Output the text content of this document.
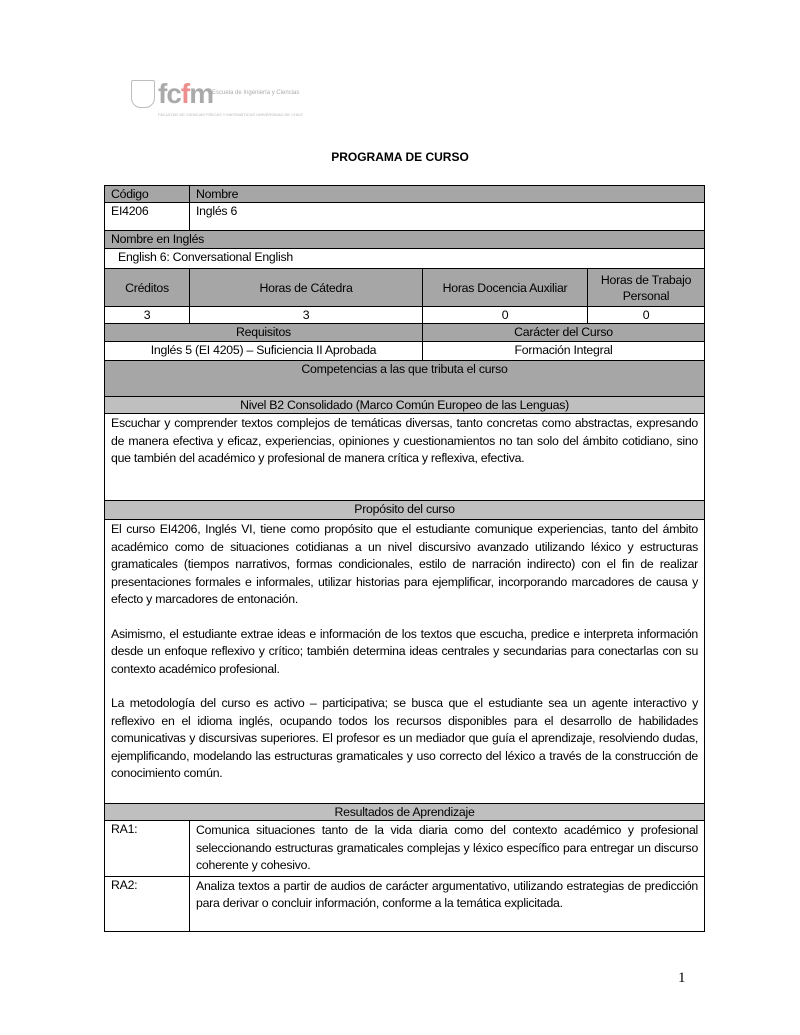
fcfm
Escuela de Ingeniería y Ciencias
FACULTAD DE CIENCIAS FÍSICAS Y MATEMÁTICAS UNIVERSIDAD DE CHILE
PROGRAMA DE CURSO
Código	Nombre		
EI4206	Inglés 6		
Nombre en Inglés			
English 6: Conversational English			
Créditos	Horas de Cátedra	Horas Docencia Auxiliar	Horas de Trabajo Personal
3	3	0	0
Requisitos		Carácter del Curso	
Inglés 5 (EI 4205) – Suficiencia II Aprobada		Formación Integral	
Competencias a las que tributa el curso			
Nivel B2 Consolidado (Marco Común Europeo de las Lenguas)			
Escuchar y comprender textos complejos de temáticas diversas, tanto concretas como abstractas, expresando de manera efectiva y eficaz, experiencias, opiniones y cuestionamientos no tan solo del ámbito cotidiano, sino que también del académico y profesional de manera crítica y reflexiva, efectiva.			
Propósito del curso			

El curso EI4206, Inglés VI, tiene como propósito que el estudiante comunique experiencias, tanto del ámbito académico como de situaciones cotidianas a un nivel discursivo avanzado utilizando léxico y estructuras gramaticales (tiempos narrativos, formas condicionales, estilo de narración indirecto) con el fin de realizar presentaciones formales e informales, utilizar historias para ejemplificar, incorporando marcadores de causa y efecto y marcadores de entonación.

Asimismo, el estudiante extrae ideas e información de los textos que escucha, predice e interpreta información desde un enfoque reflexivo y crítico; también determina ideas centrales y secundarias para conectarlas con su contexto académico profesional.

La metodología del curso es activo – participativa; se busca que el estudiante sea un agente interactivo y reflexivo en el idioma inglés, ocupando todos los recursos disponibles para el desarrollo de habilidades comunicativas y discursivas superiores. El profesor es un mediador que guía el aprendizaje, resolviendo dudas, ejemplificando, modelando las estructuras gramaticales y uso correcto del léxico a través de la construcción de conocimiento común.			

Resultados de Aprendizaje			
RA1:	Comunica situaciones tanto de la vida diaria como del contexto académico y profesional seleccionando estructuras gramaticales complejas y léxico específico para entregar un discurso coherente y cohesivo.		
RA2:	Analiza textos a partir de audios de carácter argumentativo, utilizando estrategias de predicción para derivar o concluir información, conforme a la temática explicitada.		
1
